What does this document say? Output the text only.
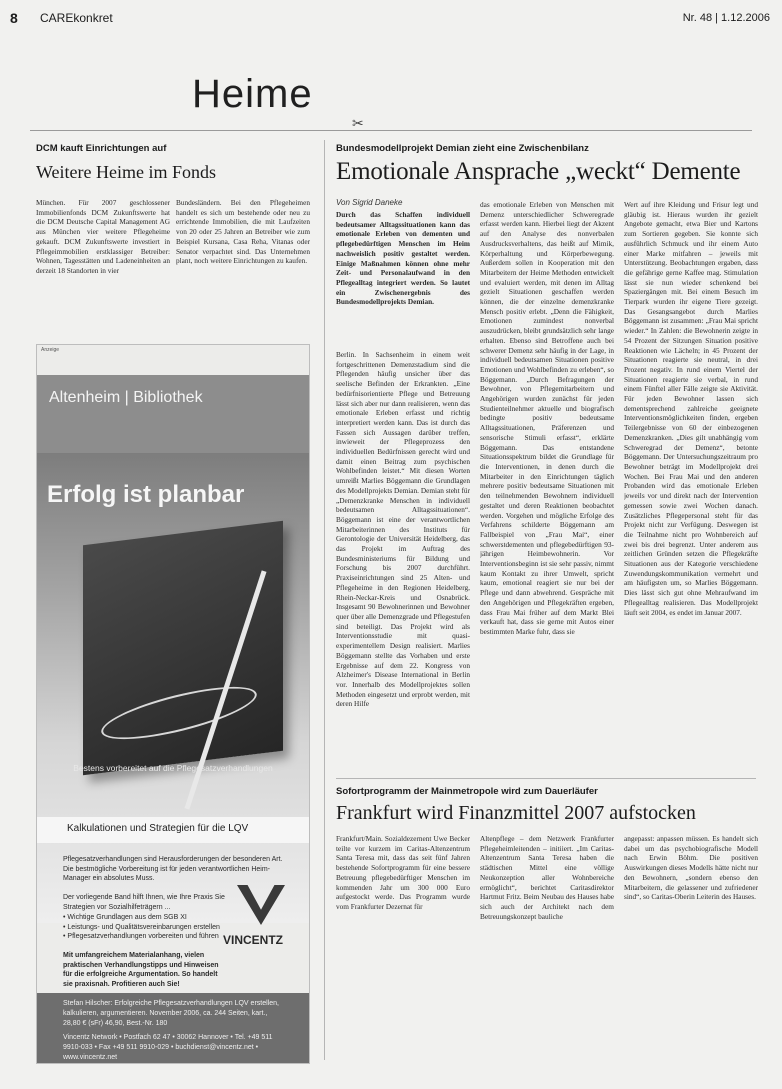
8 CAREkonkret	Nr. 48 | 1.12.2006
Heime
✂
DCM kauft Einrichtungen auf
Weitere Heime im Fonds
München. Für 2007 geschlossener Immobilienfonds DCM Zukunftswerte hat die DCM Deutsche Capital Management AG aus München vier weitere Pflegeheime gekauft. DCM Zukunftswerte investiert in Pflegeimmobilien erstklassiger Betreiber: Wohnen, Tagesstätten und Ladeneinheiten an derzeit 18 Standorten in vier
Bundesländern. Bei den Pflegeheimen handelt es sich um bestehende oder neu zu errichtende Immobilien, die mit Laufzeiten von 20 oder 25 Jahren an Betreiber wie zum Beispiel Kursana, Casa Reha, Vitanas oder Senator verpachtet sind. Das Unternehmen plant, noch weitere Einrichtungen zu kaufen.
Bundesmodellprojekt Demian zieht eine Zwischenbilanz
Emotionale Ansprache „weckt“ Demente
Von Sigrid Daneke
Durch das Schaffen individuell bedeutsamer Alltagssituationen kann das emotionale Erleben von dementen und pflegebedürftigen Menschen im Heim nachweislich positiv gestaltet werden. Einige Maßnahmen können ohne mehr Zeit- und Personalaufwand in den Pflegealltag integriert werden. So lautet ein Zwischenergebnis des Bundesmodellprojekts Demian.
Berlin. In Sachsenheim in einem weit fortgeschrittenen Demenzstadium sind die Pflegenden häufig unsicher über das seelische Befinden der Erkrankten. „Eine bedürfnisorientierte Pflege und Betreuung lässt sich aber nur dann realisieren, wenn das emotionale Erleben erfasst und richtig interpretiert werden kann. Das ist durch das Fassen sich Aussagen darüber treffen, inwieweit der Pflegeprozess den individuellen Bedürfnissen gerecht wird und damit einen Beitrag zum psychischen Wohlbefinden leistet.“ Mit diesen Worten umreißt Marlies Böggemann die Grundlagen des Modellprojekts Demian. Demian steht für „Demenzkranke Menschen in individuell bedeutsamen Alltagssituationen“. Böggemann ist eine der verantwortlichen Mitarbeiterinnen des Instituts für Gerontologie der Universität Heidelberg, das das Projekt im Auftrag des Bundesministeriums für Bildung und Forschung bis 2007 durchführt. Praxiseinrichtungen sind 25 Alten- und Pflegeheime in den Regionen Heidelberg, Rhein-Neckar-Kreis und Osnabrück. Insgesamt 90 Bewohnerinnen und Bewohner quer über alle Demenzgrade und Pflegestufen sind beteiligt. Das Projekt wird als Interventionsstudie mit quasi-experimentellem Design realisiert. Marlies Böggemann stellte das Vorhaben und erste Ergebnisse auf dem 22. Kongress von Alzheimer's Disease International in Berlin vor. Innerhalb des Modellprojektes sollen Methoden eingesetzt und erprobt werden, mit deren Hilfe
das emotionale Erleben von Menschen mit Demenz unterschiedlicher Schweregrade erfasst werden kann. Hierbei liegt der Akzent auf den Analyse des nonverbalen Ausdrucksverhaltens, das heißt auf Mimik, Körperhaltung und Körperbewegung. Außerdem sollen in Kooperation mit den Mitarbeitern der Heime Methoden entwickelt und evaluiert werden, mit denen im Alltag gezielt Situationen geschaffen werden können, die der einzelne demenzkranke Mensch positiv erlebt. „Denn die Fähigkeit, Emotionen zumindest nonverbal auszudrücken, bleibt grundsätzlich sehr lange erhalten. Ebenso sind Betroffene auch bei schwerer Demenz sehr häufig in der Lage, in individuell bedeutsamen Situationen positive Emotionen und Wohlbefinden zu erleben“, so Böggemann. „Durch Befragungen der Bewohner, von Pflegemitarbeitern und Angehörigen wurden zunächst für jeden Studienteilnehmer aktuelle und biografisch bedingte positiv bedeutsame Alltagssituationen, Präferenzen und sensorische Stimuli erfasst“, erklärte Böggemann. Das entstandene Situationsspektrum bildet die Grundlage für die Interventionen, in denen durch die Mitarbeiter in den Einrichtungen täglich mehrere positiv bedeutsame Situationen mit den teilnehmenden Bewohnern individuell gestaltet und deren Reaktionen beobachtet werden. Vorgehen und mögliche Erfolge des Verfahrens schilderte Böggemann am Fallbeispiel von „Frau Mai“, einer schwerstdementen und pflegebedürftigen 93-jährigen Heimbewohnerin. Vor Interventionsbeginn ist sie sehr passiv, nimmt kaum Kontakt zu ihrer Umwelt, spricht kaum, emotional reagiert sie nur bei der Pflege und dann abwehrend. Gespräche mit den Angehörigen und Pflegekräften ergeben, dass Frau Mai früher auf dem Markt Blei verkauft hat, dass sie gerne mit Autos einer bestimmten Marke fuhr, dass sie
Wert auf ihre Kleidung und Frisur legt und gläubig ist. Hieraus wurden ihr gezielt Angebote gemacht, etwa Bier und Kartons zum Sortieren gegeben. Sie konnte sich ausführlich Schmuck und ihr einem Auto einer Marke mitfahren – jeweils mit Unterstützung. Beobachtungen ergaben, dass die gefährige gerne Kaffee mag. Stimulation lässt sie nun wieder schenkend bei Spaziergängen mit. Bei einem Besuch im Tierpark wurden ihr eigene Tiere gezeigt. Das Gesangsangebot durch Marlies Böggemann ist zusammen: „Frau Mai spricht wieder.“ In Zahlen: die Bewohnerin zeigte in 54 Prozent der Sitzungen Situation positive Reaktionen wie Lächeln; in 45 Prozent der Situationen reagierte sie neutral, in drei Prozent negativ. In rund einem Viertel der Situationen reagierte sie verbal, in rund einem Fünftel aller Fälle zeigte sie Aktivität. Für jeden Bewohner lassen sich dementsprechend zahlreiche geeignete Interventionsmöglichkeiten finden, ergeben Teilergebnisse von 60 der einbezogenen Demenzkranken. „Dies gilt unabhängig vom Schweregrad der Demenz“, betonte Böggemann. Der Untersuchungszeitraum pro Bewohner beträgt im Modellprojekt drei Wochen. Bei Frau Mai und den anderen Probanden wird das emotionale Erleben jeweils vor und direkt nach der Intervention gemessen sowie zwei Wochen danach. Zusätzliches Pflegepersonal steht für das Projekt nicht zur Verfügung. Deswegen ist die Teilnahme nicht pro Wohnbereich auf zwei bis drei begrenzt. Unter anderem aus zeitlichen Gründen setzen die Pflegekräfte Situationen aus der Kategorie verschiedene Zuwendungskommunikation vermehrt und am häufigsten um, so Marlies Böggemann. Dies lässt sich gut ohne Mehraufwand im Pflegealltag realisieren. Das Modellprojekt läuft seit 2004, es endet im Januar 2007.
Sofortprogramm der Mainmetropole wird zum Dauerläufer
Frankfurt wird Finanzmittel 2007 aufstocken
Frankfurt/Main. Sozialdezernent Uwe Becker teilte vor kurzem im Caritas-Altenzentrum Santa Teresa mit, dass das seit fünf Jahren bestehende Sofortprogramm für eine bessere Betreuung pflegebedürftiger Menschen im kommenden Jahr um 300 000 Euro aufgestockt werde. Das Programm wurde vom Frankfurter Dezernat für
Altenpflege – dem Netzwerk Frankfurter Pflegeheimleitenden – initiiert. „Im Caritas-Altenzentrum Santa Teresa haben die städtischen Mittel eine völlige Neukonzeption aller Wohnbereiche ermöglicht“, berichtet Caritasdirektor Hartmut Fritz. Beim Neubau des Hauses habe sich auch der Architekt nach dem Betreuungskonzept bauliche
angepasst: anpassen müssen. Es handelt sich dabei um das psychobiografische Modell nach Erwin Böhm. Die positiven Auswirkungen dieses Modells hätte nicht nur den Bewohnern, „sondern ebenso den Mitarbeitern, die gelassener und zufriedener sind“, so Caritas-Oberin Leiterin des Hauses.
Anzeige
Altenheim | Bibliothek
Erfolg ist planbar
Bestens vorbereitet auf die Pflegesatzverhandlungen
Kalkulationen und Strategien für die LQV
Pflegesatzverhandlungen sind Herausforderungen der besonderen Art. Die bestmögliche Vorbereitung ist für jeden verantwortlichen Heim-Manager ein absolutes Muss.
Der vorliegende Band hilft Ihnen, wie Ihre Praxis Sie Strategien vor Sozialhilfeträgern ...
• Wichtige Grundlagen aus dem SGB XI
• Leistungs- und Qualitätsvereinbarungen erstellen
• Pflegesatzverhandlungen vorbereiten und führen
Mit umfangreichem Materialanhang, vielen praktischen Verhandlungstipps und Hinweisen für die erfolgreiche Argumentation. So handelt sie praxisnah. Profitieren auch Sie!
VINCENTZ
Stefan Hilscher: Erfolgreiche Pflegesatzverhandlungen LQV erstellen, kalkulieren, argumentieren. November 2006, ca. 244 Seiten, kart., 28,80 € (sFr) 46,90, Best.-Nr. 180
Vincentz Network • Postfach 62 47 • 30062 Hannover • Tel. +49 511 9910-033 • Fax +49 511 9910-029 • buchdienst@vincentz.net • www.vincentz.net
